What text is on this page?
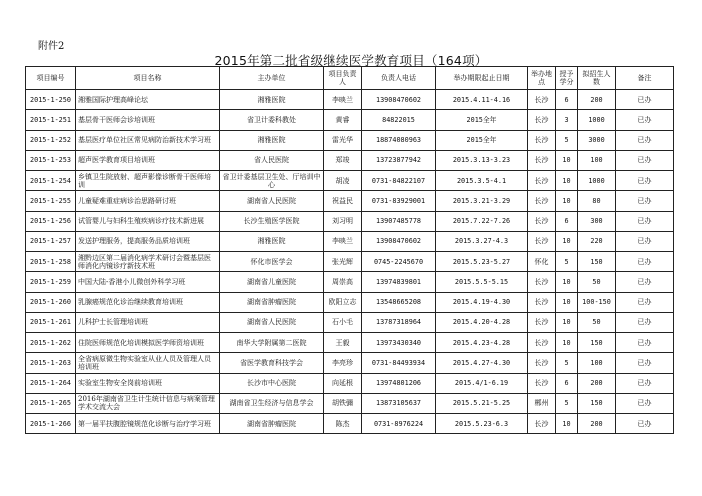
附件2
2015年第二批省级继续医学教育项目（164项）
项目编号	项目名称	主办单位	项目负责人	负责人电话	举办期限起止日期	举办地点	授予学分	拟招生人数	备注
2015-1-250	湘雅国际护理高峰论坛	湘雅医院	李映兰	13908470602	2015.4.11-4.16	长沙	6	200	已办
2015-1-251	基层骨干医师会诊培训班	省卫计委科教处	黄睿	84822015	2015全年	长沙	3	1000	已办
2015-1-252	基层医疗单位社区常见病防治新技术学习班	湘雅医院	雷光华	18874080963	2015全年	长沙	5	3000	已办
2015-1-253	超声医学教育项目培训班	省人民医院	郑竣	13723877942	2015.3.13-3.23	长沙	10	100	已办
2015-1-254	乡镇卫生院放射、超声影像诊断骨干医师培训	省卫计委基层卫生处、厅培训中心	胡凌	0731-84822107	2015.3.5-4.1	长沙	10	1000	已办
2015-1-255	儿童疑难重症病诊治思路研讨班	湖南省人民医院	祝益民	0731-83929001	2015.3.21-3.29	长沙	10	80	已办
2015-1-256	试管婴儿与妇科生殖疾病诊疗技术新进展	长沙生殖医学医院	刘习明	13907485778	2015.7.22-7.26	长沙	6	300	已办
2015-1-257	发送护理服务，提高服务品质培训班	湘雅医院	李映兰	13908470602	2015.3.27-4.3	长沙	10	220	已办
2015-1-258	湘黔边区第二届消化病学术研讨会暨基层医师消化内镜诊疗新技术班	怀化市医学会	张光辉	0745-2245670	2015.5.23-5.27	怀化	5	150	已办
2015-1-259	中国大陆-香港小儿微创外科学习班	湖南省儿童医院	周崇高	13974839801	2015.5.5-5.15	长沙	10	50	已办
2015-1-260	乳腺癌规范化诊治继续教育培训班	湖南省肿瘤医院	欧阳立志	13548665208	2015.4.19-4.30	长沙	10	100-150	已办
2015-1-261	儿科护士长管理培训班	湖南省人民医院	石小毛	13787318964	2015.4.20-4.28	长沙	10	50	已办
2015-1-262	住院医师规范化培训模拟医学师资培训班	南华大学附属第二医院	王毅	13973430340	2015.4.23-4.28	长沙	10	150	已办
2015-1-263	全省病原微生物实验室从业人员及管理人员培训班	省医学教育科技学会	李亮珍	0731-84493934	2015.4.27-4.30	长沙	5	100	已办
2015-1-264	实验室生物安全岗前培训班	长沙市中心医院	向延根	13974801206	2015.4/1-6.19	长沙	6	200	已办
2015-1-265	2016年湖南省卫生计生统计信息与病案管理学术交流大会	湖南省卫生经济与信息学会	胡铁彌	13873105637	2015.5.21-5.25	郴州	5	150	已办
2015-1-266	第一届平扶腹腔镜规范化诊断与治疗学习班	湖南省肿瘤医院	陈杰	0731-8976224	2015.5.23-6.3	长沙	10	200	已办
